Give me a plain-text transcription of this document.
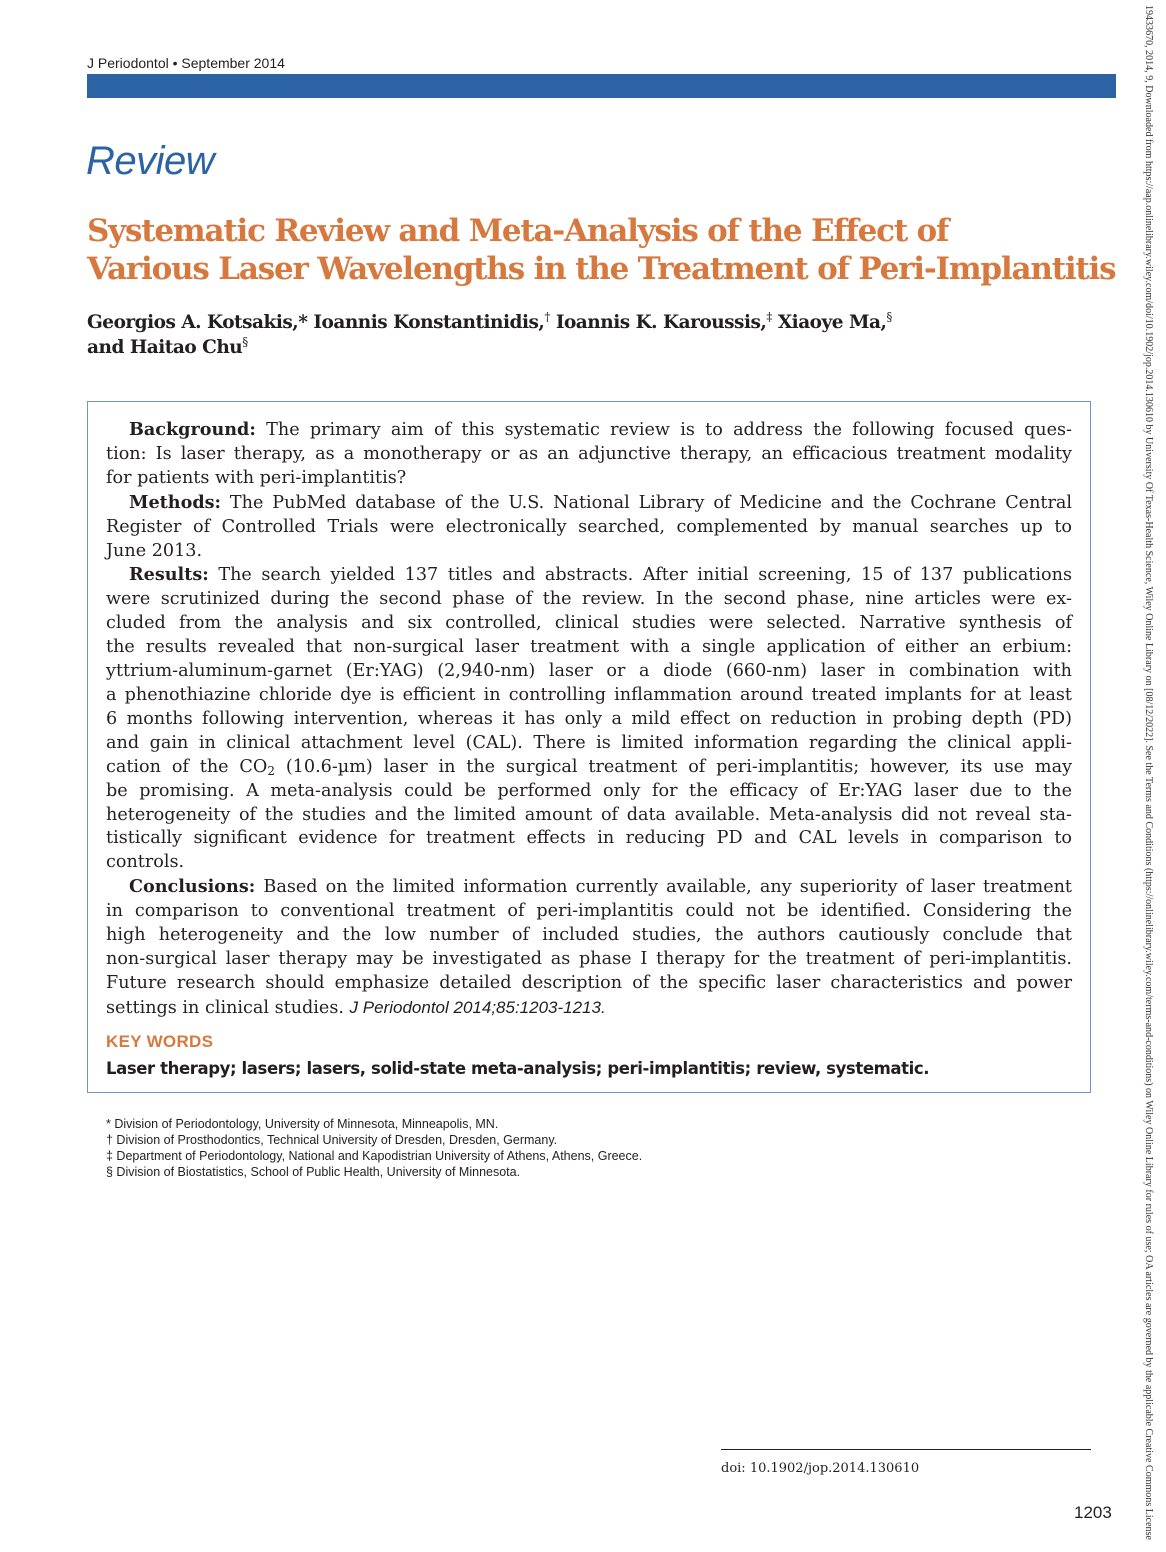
J Periodontol • September 2014
Review
Systematic Review and Meta-Analysis of the Effect of
Various Laser Wavelengths in the Treatment of Peri-Implantitis
Georgios A. Kotsakis,* Ioannis Konstantinidis,† Ioannis K. Karoussis,‡ Xiaoye Ma,§
and Haitao Chu§
Background: The primary aim of this systematic review is to address the following focused ques-
tion: Is laser therapy, as a monotherapy or as an adjunctive therapy, an efficacious treatment modality
for patients with peri-implantitis?
Methods: The PubMed database of the U.S. National Library of Medicine and the Cochrane Central
Register of Controlled Trials were electronically searched, complemented by manual searches up to
June 2013.
Results: The search yielded 137 titles and abstracts. After initial screening, 15 of 137 publications
were scrutinized during the second phase of the review. In the second phase, nine articles were ex-
cluded from the analysis and six controlled, clinical studies were selected. Narrative synthesis of
the results revealed that non-surgical laser treatment with a single application of either an erbium:
yttrium-aluminum-garnet (Er:YAG) (2,940-nm) laser or a diode (660-nm) laser in combination with
a phenothiazine chloride dye is efficient in controlling inflammation around treated implants for at least
6 months following intervention, whereas it has only a mild effect on reduction in probing depth (PD)
and gain in clinical attachment level (CAL). There is limited information regarding the clinical appli-
cation of the $CO_2$ (10.6-µm) laser in the surgical treatment of peri-implantitis; however, its use may
be promising. A meta-analysis could be performed only for the efficacy of Er:YAG laser due to the
heterogeneity of the studies and the limited amount of data available. Meta-analysis did not reveal sta-
tistically significant evidence for treatment effects in reducing PD and CAL levels in comparison to
controls.
Conclusions: Based on the limited information currently available, any superiority of laser treatment
in comparison to conventional treatment of peri-implantitis could not be identified. Considering the
high heterogeneity and the low number of included studies, the authors cautiously conclude that
non-surgical laser therapy may be investigated as phase I therapy for the treatment of peri-implantitis.
Future research should emphasize detailed description of the specific laser characteristics and power
settings in clinical studies. J Periodontol 2014;85:1203-1213.
KEY WORDS
Laser therapy; lasers; lasers, solid-state meta-analysis; peri-implantitis; review, systematic.
* Division of Periodontology, University of Minnesota, Minneapolis, MN.
† Division of Prosthodontics, Technical University of Dresden, Dresden, Germany.
‡ Department of Periodontology, National and Kapodistrian University of Athens, Athens, Greece.
§ Division of Biostatistics, School of Public Health, University of Minnesota.
doi: 10.1902/jop.2014.130610
1203	19433670, 2014, 9, Downloaded from https://aap.onlinelibrary.wiley.com/doi/10.1902/jop.2014.130610 by University Of Texas-Health Science, Wiley Online Library on [08/12/2022]. See the Terms and Conditions (https://onlinelibrary.wiley.com/terms-and-conditions) on Wiley Online Library for rules of use; OA articles are governed by the applicable Creative Commons License
